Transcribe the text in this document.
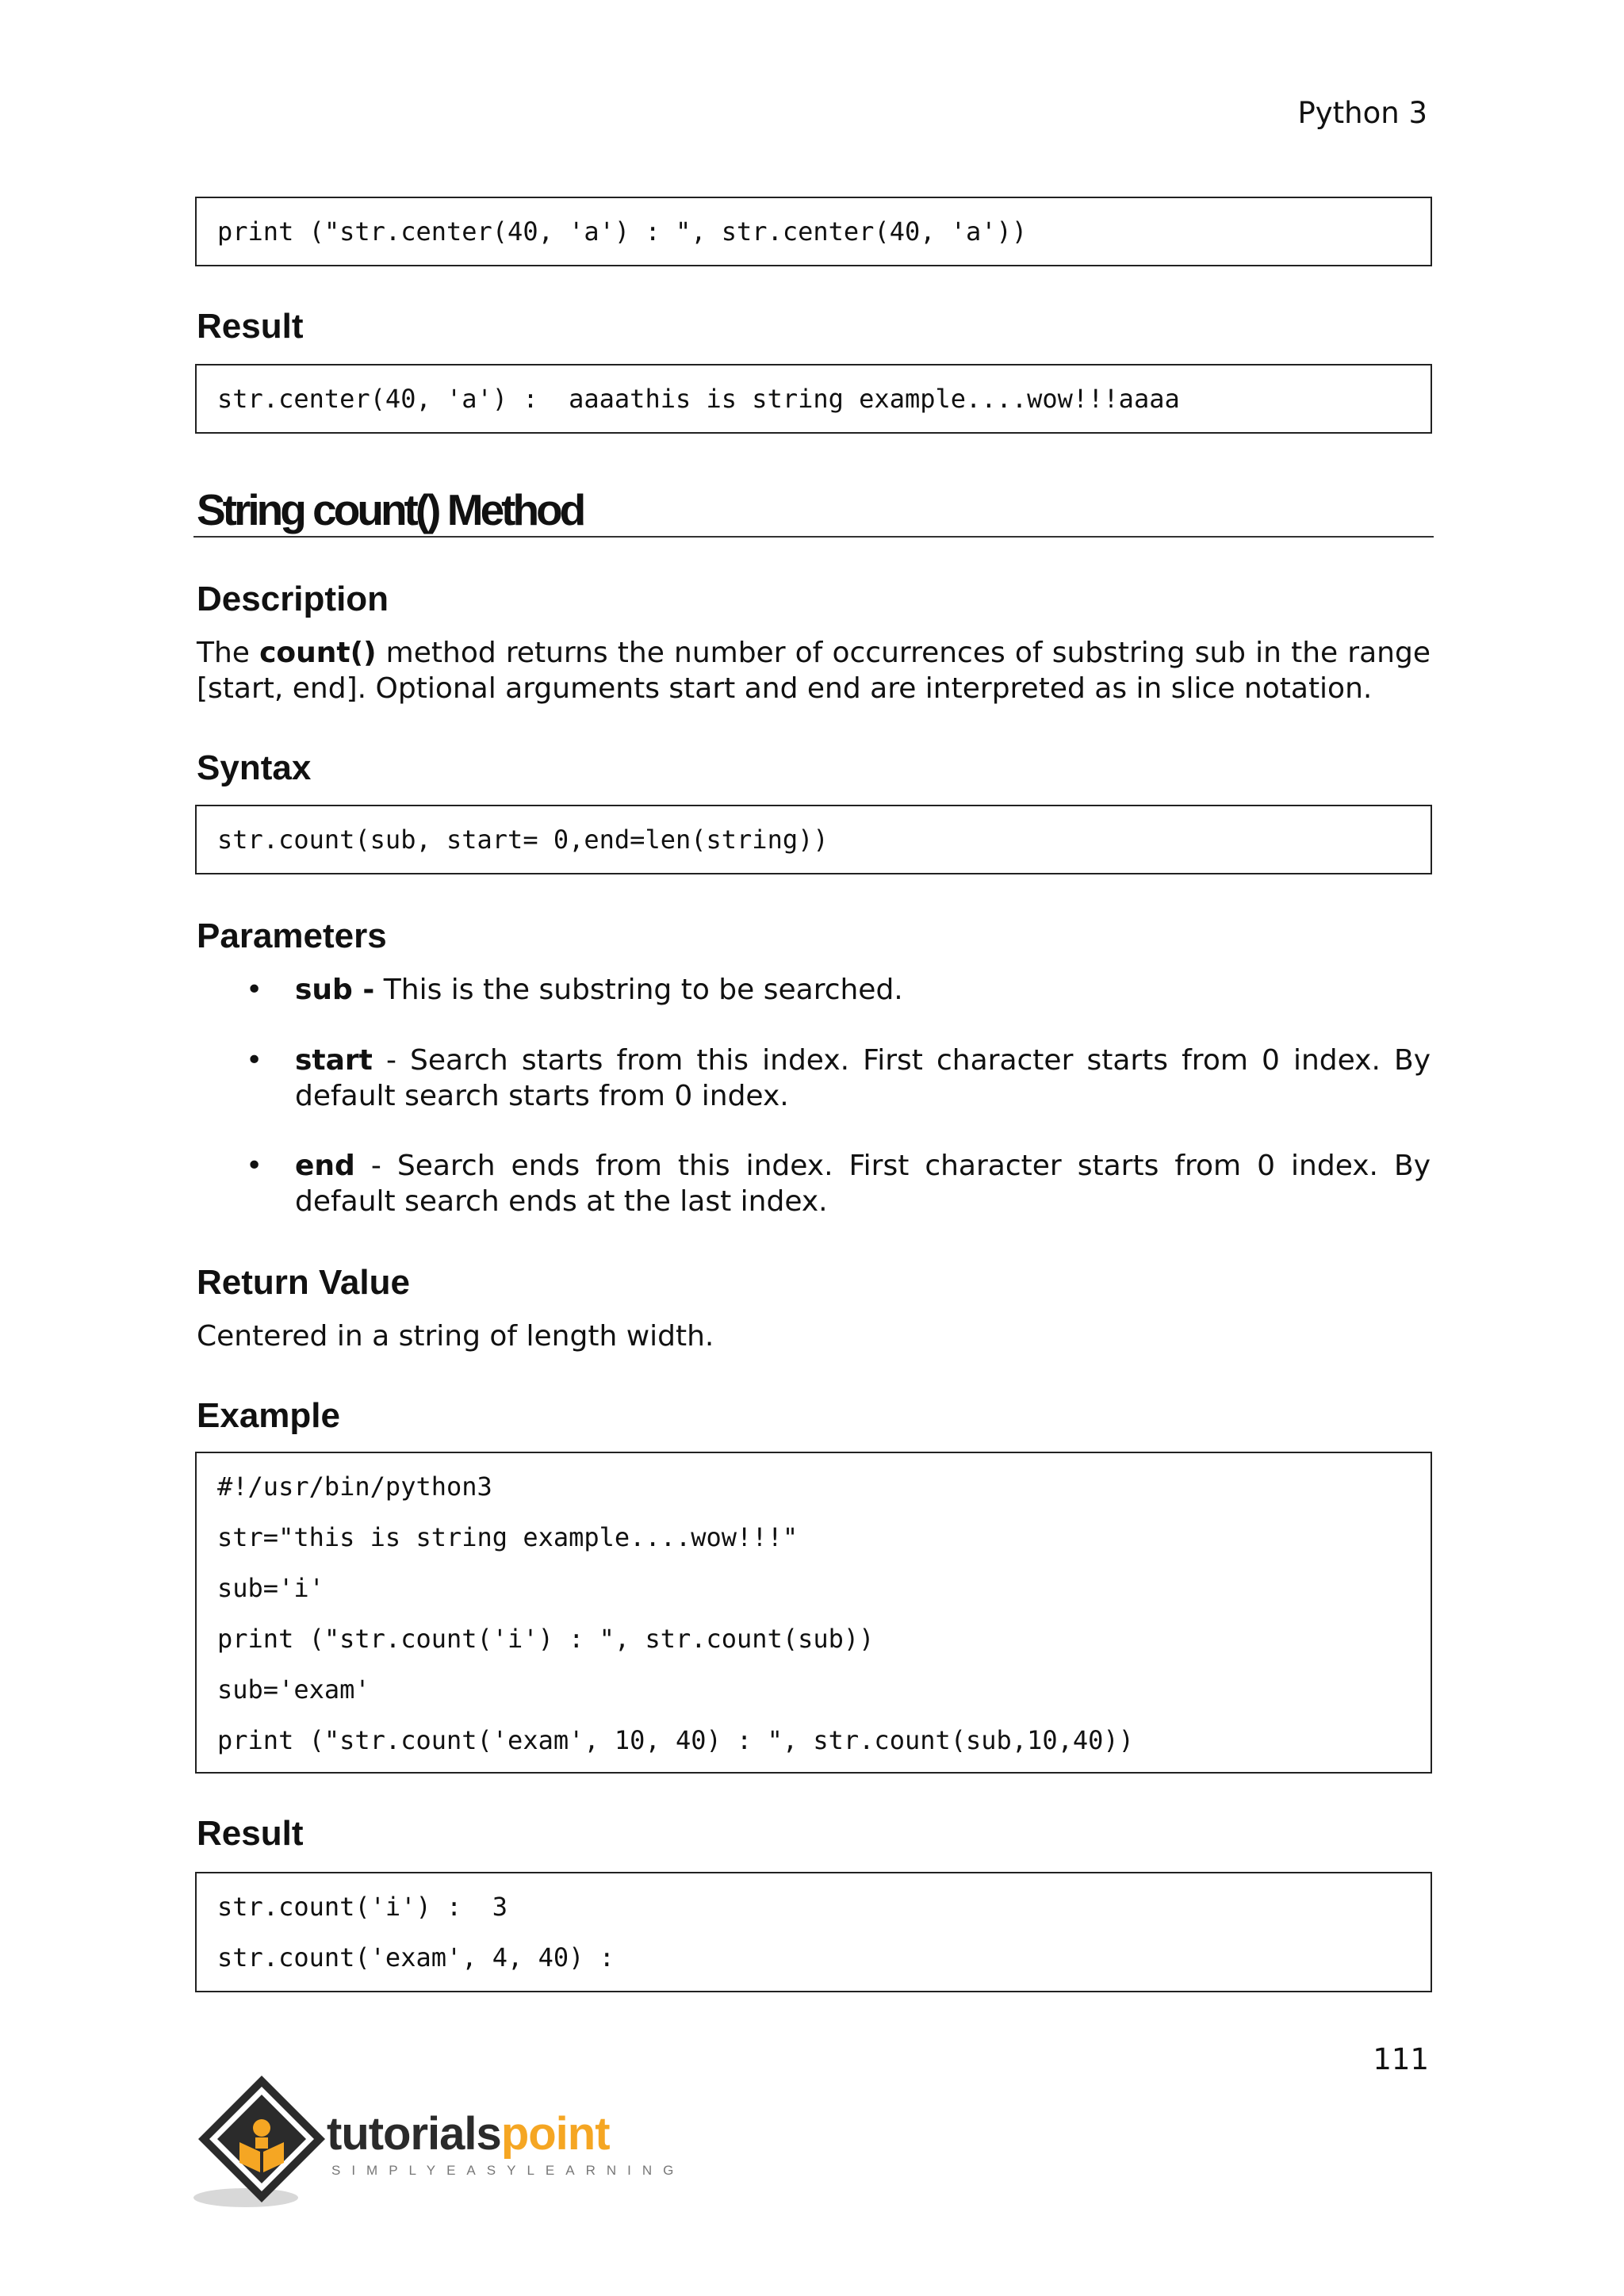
Python 3
print ("str.center(40, 'a') : ", str.center(40, 'a'))
Result
str.center(40, 'a') :  aaaathis is string example....wow!!!aaaa
String count() Method
Description
The count() method returns the number of occurrences of substring sub in the range [start, end]. Optional arguments start and end are interpreted as in slice notation.
Syntax
str.count(sub, start= 0,end=len(string))
Parameters
• sub - This is the substring to be searched.
• start - Search starts from this index. First character starts from 0 index. By default search starts from 0 index.
• end - Search ends from this index. First character starts from 0 index. By default search ends at the last index.
Return Value
Centered in a string of length width.
Example
#!/usr/bin/python3
str="this is string example....wow!!!"
sub='i'
print ("str.count('i') : ", str.count(sub))
sub='exam'
print ("str.count('exam', 10, 40) : ", str.count(sub,10,40))
Result
str.count('i') :  3
str.count('exam', 4, 40) :
111
tutorialspoint
SIMPLYEASYLEARNING
